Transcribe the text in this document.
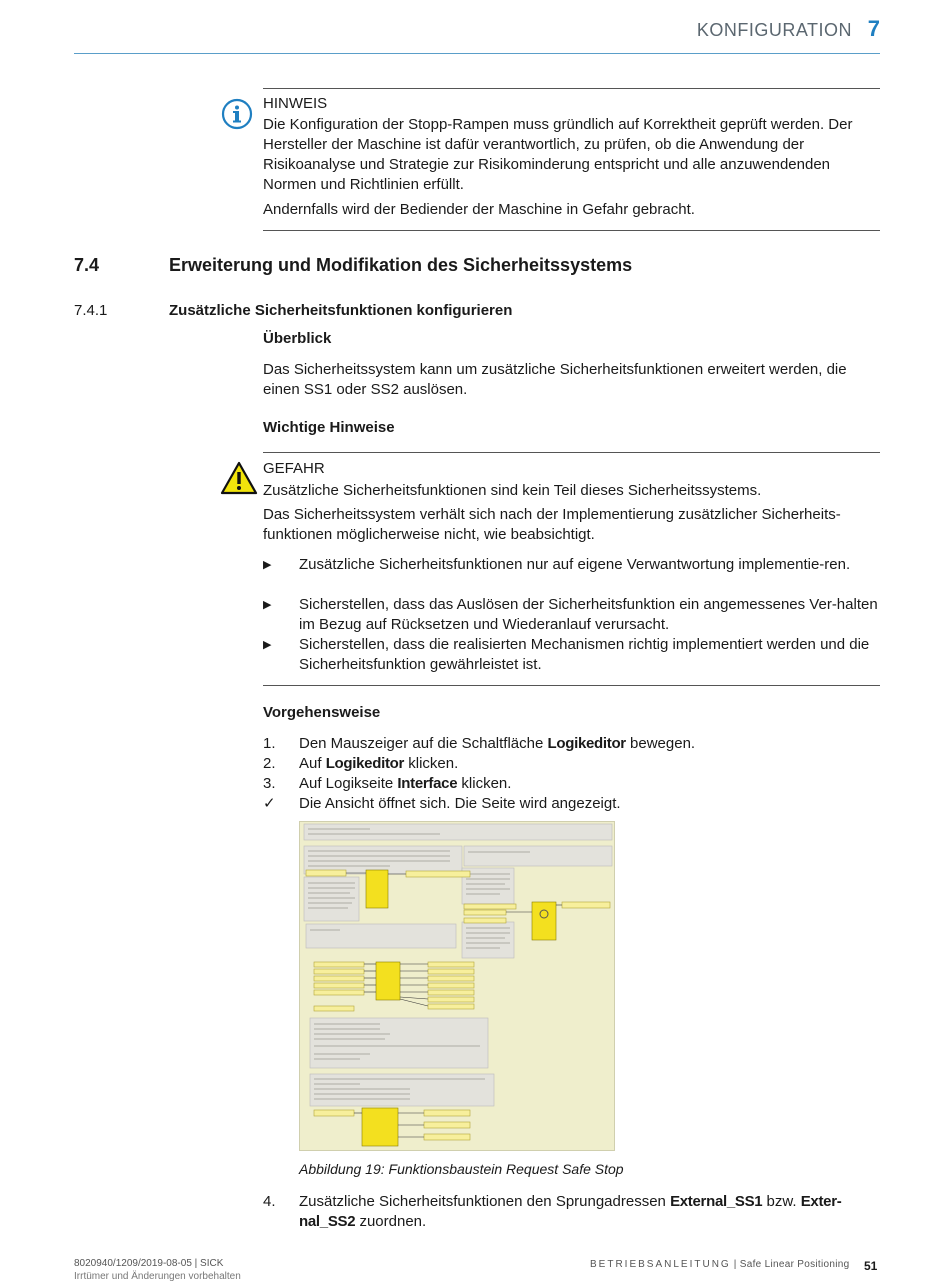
KONFIGURATION 7
HINWEIS
Die Konfiguration der Stopp-Rampen muss gründlich auf Korrektheit geprüft werden. Der Hersteller der Maschine ist dafür verantwortlich, zu prüfen, ob die Anwendung der Risikoanalyse und Strategie zur Risikominderung entspricht und alle anzuwendenden Normen und Richtlinien erfüllt.
Andernfalls wird der Bediender der Maschine in Gefahr gebracht.
7.4	Erweiterung und Modifikation des Sicherheitssystems
7.4.1	Zusätzliche Sicherheitsfunktionen konfigurieren
Überblick
Das Sicherheitssystem kann um zusätzliche Sicherheitsfunktionen erweitert werden, die einen SS1 oder SS2 auslösen.
Wichtige Hinweise
GEFAHR
Zusätzliche Sicherheitsfunktionen sind kein Teil dieses Sicherheitssystems.
Das Sicherheitssystem verhält sich nach der Implementierung zusätzlicher Sicherheits-funktionen möglicherweise nicht, wie beabsichtigt.
▶ Zusätzliche Sicherheitsfunktionen nur auf eigene Verwantwortung implementie-ren.
▶ Sicherstellen, dass das Auslösen der Sicherheitsfunktion ein angemessenes Ver-halten im Bezug auf Rücksetzen und Wiederanlauf verursacht.
▶ Sicherstellen, dass die realisierten Mechanismen richtig implementiert werden und die Sicherheitsfunktion gewährleistet ist.
Vorgehensweise
1. Den Mauszeiger auf die Schaltfläche Logikeditor bewegen.
2. Auf Logikeditor klicken.
3. Auf Logikseite Interface klicken.
✓ Die Ansicht öffnet sich. Die Seite wird angezeigt.
Abbildung 19: Funktionsbaustein Request Safe Stop
4. Zusätzliche Sicherheitsfunktionen den Sprungadressen External_SS1 bzw. Exter-nal_SS2 zuordnen.
8020940/1209/2019-08-05 | SICK
Irrtümer und Änderungen vorbehalten
BETRIEBSANLEITUNG | Safe Linear Positioning 51
